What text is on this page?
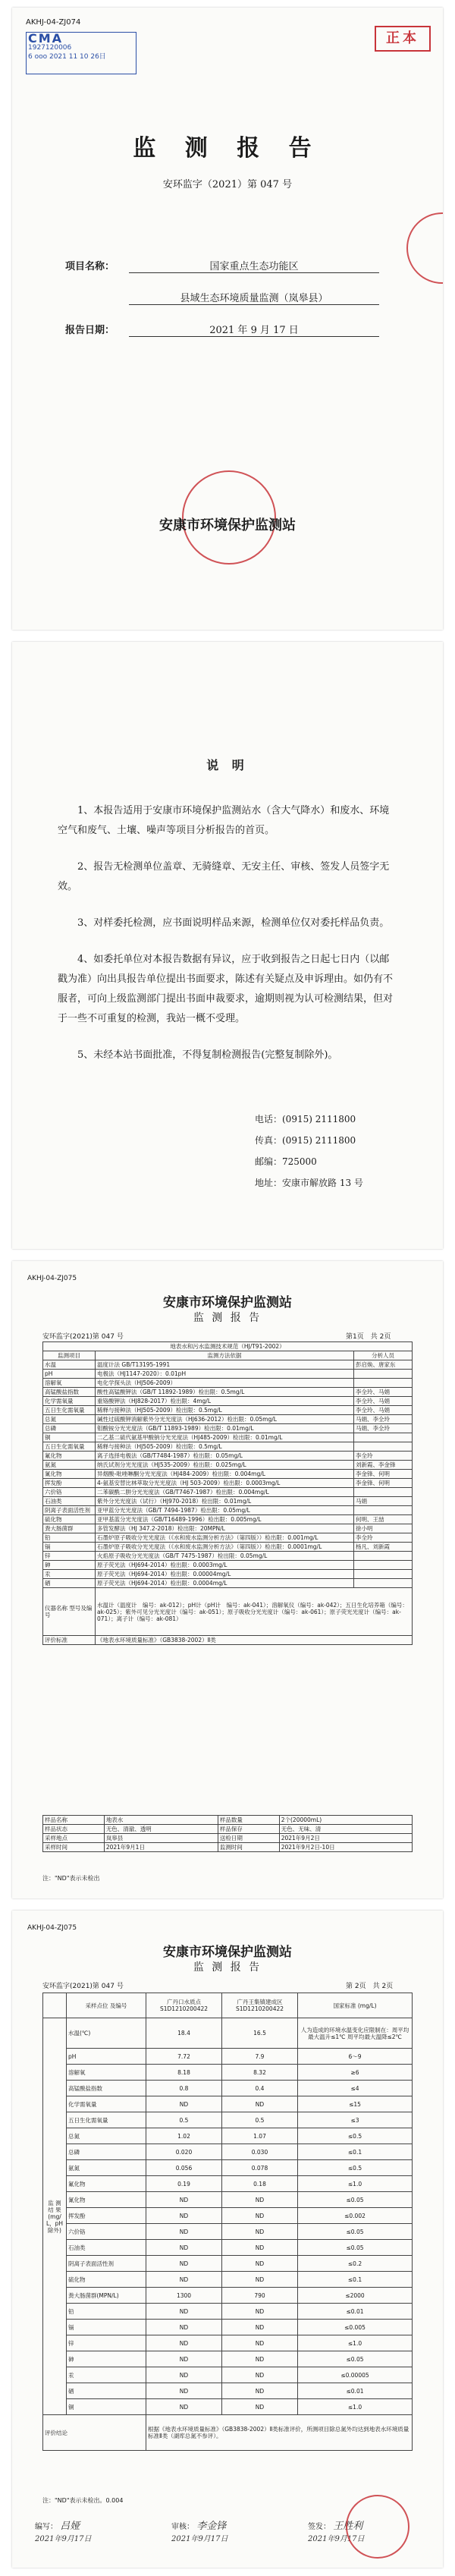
AKHJ-04-ZJ074
CMA
1927120006
6 ooo 2021 11 10 26日
正本
监 测 报 告
安环监字（2021）第 047 号
项目名称：	国家重点生态功能区
县域生态环境质量监测（岚皋县）
报告日期：	2021 年 9 月 17 日
安康市环境保护监测站
说 明

1、本报告适用于安康市环境保护监测站水（含大气降水）和废水、环境空气和废气、土壤、噪声等项目分析报告的首页。

2、报告无检测单位盖章、无骑缝章、无安主任、审核、签发人员签字无效。

3、对样委托检测，应书面说明样品来源，检测单位仅对委托样品负责。

4、如委托单位对本报告数据有异议，应于收到报告之日起七日内（以邮戳为准）向出具报告单位提出书面要求，陈述有关疑点及申诉理由。如仍有不服者，可向上级监测部门提出书面申裁要求，逾期则视为认可检测结果，但对于一些不可重复的检测，我站一概不受理。

5、未经本站书面批准，不得复制检测报告(完整复制除外)。

电话：(0915) 2111800
传真：(0915) 2111800
邮编：725000
地址：安康市解放路 13 号
AKHJ-04-ZJ075
安康市环境保护监测站
监 测 报 告
安环监字(2021)第 047 号	第1页　共 2页
地表水和污水监测技术规范（HJ/T91-2002）		
监测项目	监测方法依据	分析人员
水温	温度计法 GB/T13195-1991	彭启焕、唐家东
pH	电极法（HJ1147-2020）：0.01pH	
溶解氧	电化学探头法（HJ506-2009）	
高锰酸盐指数	酸性高锰酸钾法（GB/T 11892-1989）检出限：0.5mg/L	李全玲、马娟
化学需氧量	重铬酸钾法（HJ828-2017）检出限：4mg/L	李全玲、马娟
五日生化需氧量	稀释与接种法（HJ505-2009）检出限：0.5mg/L	李全玲、马娟
总氮	碱性过硫酸钾消解紫外分光光度法（HJ636-2012）检出限：0.05mg/L	马娟、李全玲
总磷	钼酸铵分光光度法（GB/T 11893-1989）检出限：0.01mg/L	马娟、李全玲
铜	二乙基二硫代氨基甲酸钠分光光度法（HJ485-2009）检出限：0.01mg/L	
五日生化需氧量	稀释与接种法（HJ505-2009）检出限：0.5mg/L	
氟化物	离子选择电极法（GB/T7484-1987）检出限：0.05mg/L	李全玲
氨氮	纳氏试剂分光光度法（HJ535-2009）检出限：0.025mg/L	刘新霞、李金锋
氰化物	异烟酸-吡唑啉酮分光光度法（HJ484-2009）检出限：0.004mg/L	李金锋、何明
挥发酚	4-氨基安替比林萃取分光光度法（HJ 503-2009）检出限：0.0003mg/L	李金锋、何明
六价铬	二苯碳酰二肼分光光度法（GB/T7467-1987）检出限：0.004mg/L	
石油类	紫外分光光度法（试行）（HJ970-2018）检出限：0.01mg/L	马娟
阴离子表面活性剂	亚甲蓝分光光度法（GB/T 7494-1987）检出限：0.05mg/L	
硫化物	亚甲基蓝分光光度法（GB/T16489-1996）检出限：0.005mg/L	何明、王喆
粪大肠菌群	多管发酵法（HJ 347.2-2018）检出限：20MPN/L	徐小明
铅	石墨炉原子吸收分光光度法（《水和废水监测分析方法》（第四版））检出限：0.001mg/L	李全玲
镉	石墨炉原子吸收分光光度法（《水和废水监测分析方法》（第四版））检出限：0.0001mg/L	杨凡、刘新霞
锌	火焰原子吸收分光光度法（GB/T 7475-1987）检出限：0.05mg/L	
砷	原子荧光法（HJ694-2014）检出限：0.0003mg/L	
汞	原子荧光法（HJ694-2014）检出限：0.00004mg/L	
硒	原子荧光法（HJ694-2014）检出限：0.0004mg/L	
仪器名称 型号及编号	水温计（温度计　编号：ak-012）；pH计（pH计　编号：ak-041）；溶解氧仪（编号：ak-042）；五日生化培养箱（编号：ak-025）；紫外可见分光光度计（编号：ak-051）；原子吸收分光光度计（编号：ak-061）；原子荧光光度计（编号：ak-071）；离子计（编号：ak-081）	
评价标准	《地表水环境质量标准》（GB3838-2002）Ⅱ类	
样品名称	地表水	样品数量	2个(20000mL)
样品状态	无色、清澈、透明	样品保存	无色、无味、清
采样地点	岚皋县	送检日期	2021年9月2日
采样时间	2021年9月1日	监测时间	2021年9月2日-10日
注："ND"表示未检出
AKHJ-04-ZJ075
安康市环境保护监测站
监 测 报 告
安环监字(2021)第 047 号	第 2页　共 2页
	采样点位 及编号	广丹口水质点 S1D1210200422	广丹王集镇建成区 S1D1210200422	国家标准 (mg/L)
监 测 结 果 (mg/L，pH 除外)	水温(℃)	18.4	16.5	人为造成的环境水温变化应限制在：周平均最大温升≤1℃ 周平均最大温降≤2℃
	pH	7.72	7.9	6～9
	溶解氧	8.18	8.32	≥6
	高锰酸盐指数	0.8	0.4	≤4
	化学需氧量	ND	ND	≤15
	五日生化需氧量	0.5	0.5	≤3
	总氮	1.02	1.07	≤0.5
	总磷	0.020	0.030	≤0.1
	氨氮	0.056	0.078	≤0.5
	氟化物	0.19	0.18	≤1.0
	氰化物	ND	ND	≤0.05
	挥发酚	ND	ND	≤0.002
	六价铬	ND	ND	≤0.05
	石油类	ND	ND	≤0.05
	阴离子表面活性剂	ND	ND	≤0.2
	硫化物	ND	ND	≤0.1
	粪大肠菌群(MPN/L)	1300	790	≤2000
	铅	ND	ND	≤0.01
	镉	ND	ND	≤0.005
	锌	ND	ND	≤1.0
	砷	ND	ND	≤0.05
	汞	ND	ND	≤0.00005
	硒	ND	ND	≤0.01
	铜	ND	ND	≤1.0
评价结论		根据《地表水环境质量标准》（GB3838-2002）Ⅱ类标准评价，所测项目除总氮外均达到地表水环境质量标准Ⅱ类（湖库总氮不参评）。		
注："ND"表示未检出。0.004
编写： 吕娅
2021年9月17日
审核： 李金锋
2021年9月17日
签发： 王胜利
2021年9月17日
